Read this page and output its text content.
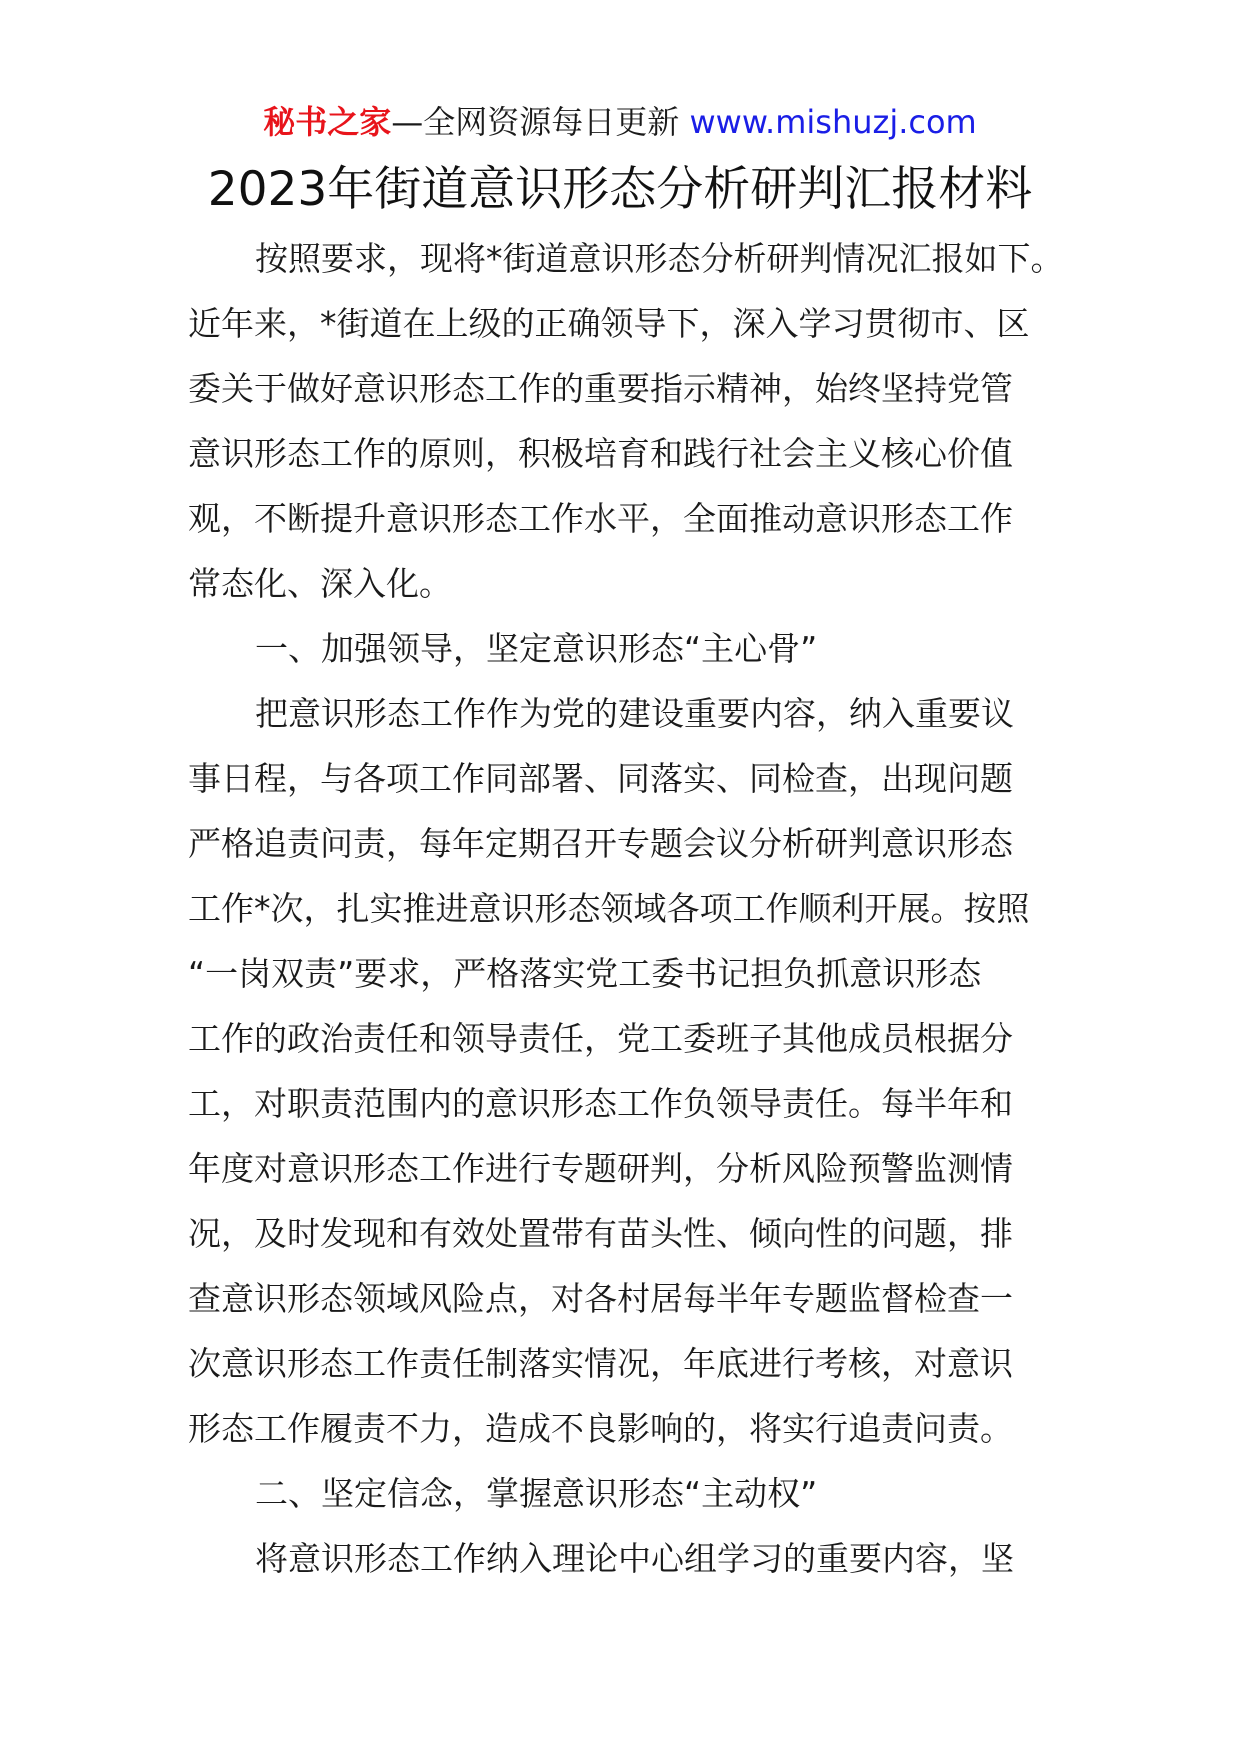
秘书之家—全网资源每日更新 www.mishuzj.com
2023年街道意识形态分析研判汇报材料
按照要求，现将*街道意识形态分析研判情况汇报如下。
近年来，*街道在上级的正确领导下，深入学习贯彻市、区
委关于做好意识形态工作的重要指示精神，始终坚持党管
意识形态工作的原则，积极培育和践行社会主义核心价值
观，不断提升意识形态工作水平，全面推动意识形态工作
常态化、深入化。
一、加强领导，坚定意识形态“主心骨”
把意识形态工作作为党的建设重要内容，纳入重要议
事日程，与各项工作同部署、同落实、同检查，出现问题
严格追责问责，每年定期召开专题会议分析研判意识形态
工作*次，扎实推进意识形态领域各项工作顺利开展。按照
“一岗双责”要求，严格落实党工委书记担负抓意识形态
工作的政治责任和领导责任，党工委班子其他成员根据分
工，对职责范围内的意识形态工作负领导责任。每半年和
年度对意识形态工作进行专题研判，分析风险预警监测情
况，及时发现和有效处置带有苗头性、倾向性的问题，排
查意识形态领域风险点，对各村居每半年专题监督检查一
次意识形态工作责任制落实情况，年底进行考核，对意识
形态工作履责不力，造成不良影响的，将实行追责问责。
二、坚定信念，掌握意识形态“主动权”
将意识形态工作纳入理论中心组学习的重要内容，坚
